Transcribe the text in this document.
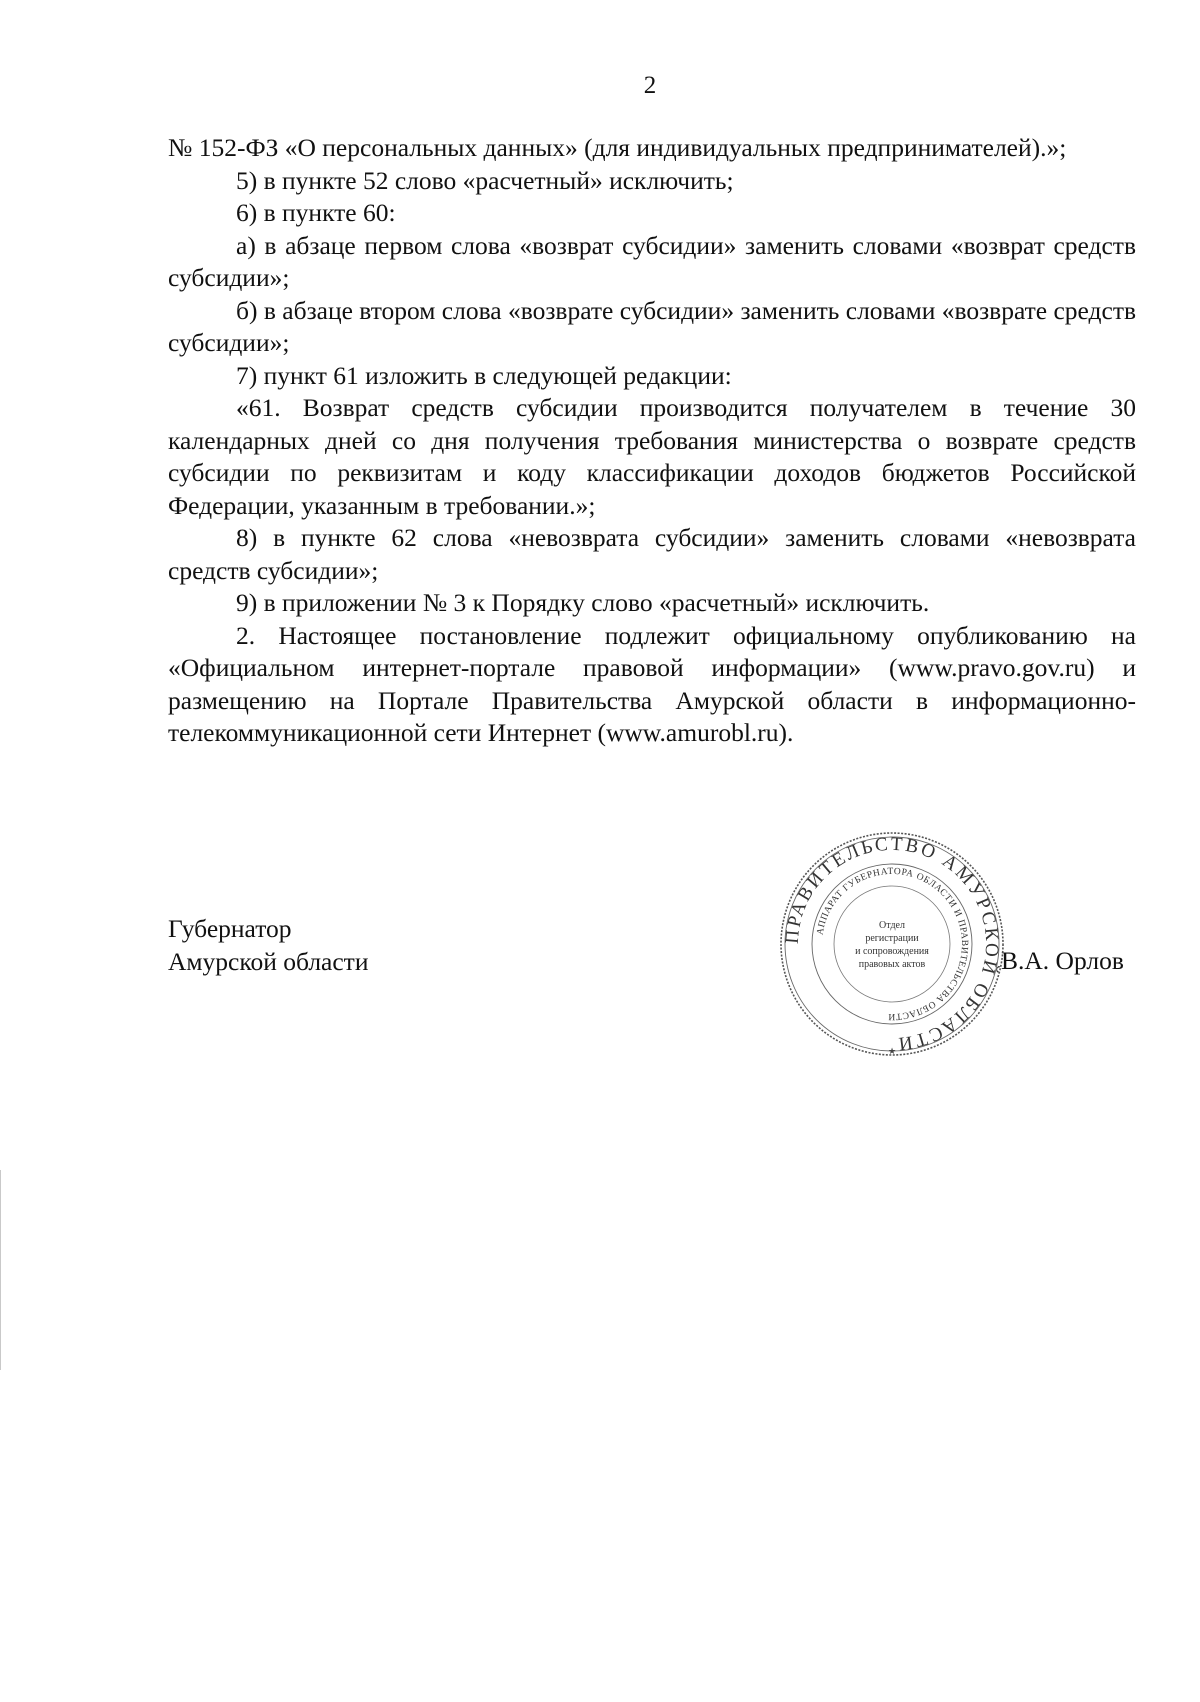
2

№ 152-ФЗ «О персональных данных» (для индивидуальных предпринимателей).»;

5) в пункте 52 слово «расчетный» исключить;

6) в пункте 60:

а) в абзаце первом слова «возврат субсидии» заменить словами «возврат средств субсидии»;

б) в абзаце втором слова «возврате субсидии» заменить словами «возврате средств субсидии»;

7) пункт 61 изложить в следующей редакции:

«61. Возврат средств субсидии производится получателем в течение 30 календарных дней со дня получения требования министерства о возврате средств субсидии по реквизитам и коду классификации доходов бюджетов Российской Федерации, указанным в требовании.»;

8) в пункте 62 слова «невозврата субсидии» заменить словами «невозврата средств субсидии»;

9) в приложении № 3 к Порядку слово «расчетный» исключить.

2. Настоящее постановление подлежит официальному опубликованию на «Официальном интернет-портале правовой информации» (www.pravo.gov.ru) и размещению на Портале Правительства Амурской области в информационно-телекоммуникационной сети Интернет (www.amurobl.ru).

Губернатор
Амурской области	В.А. Орлов
ПРАВИТЕЛЬСТВО АМУРСКОЙ ОБЛАСТИ
АППАРАТ ГУБЕРНАТОРА ОБЛАСТИ И ПРАВИТЕЛЬСТВА ОБЛАСТИ
Отдел
регистрации
и сопровождения
правовых актов
★
